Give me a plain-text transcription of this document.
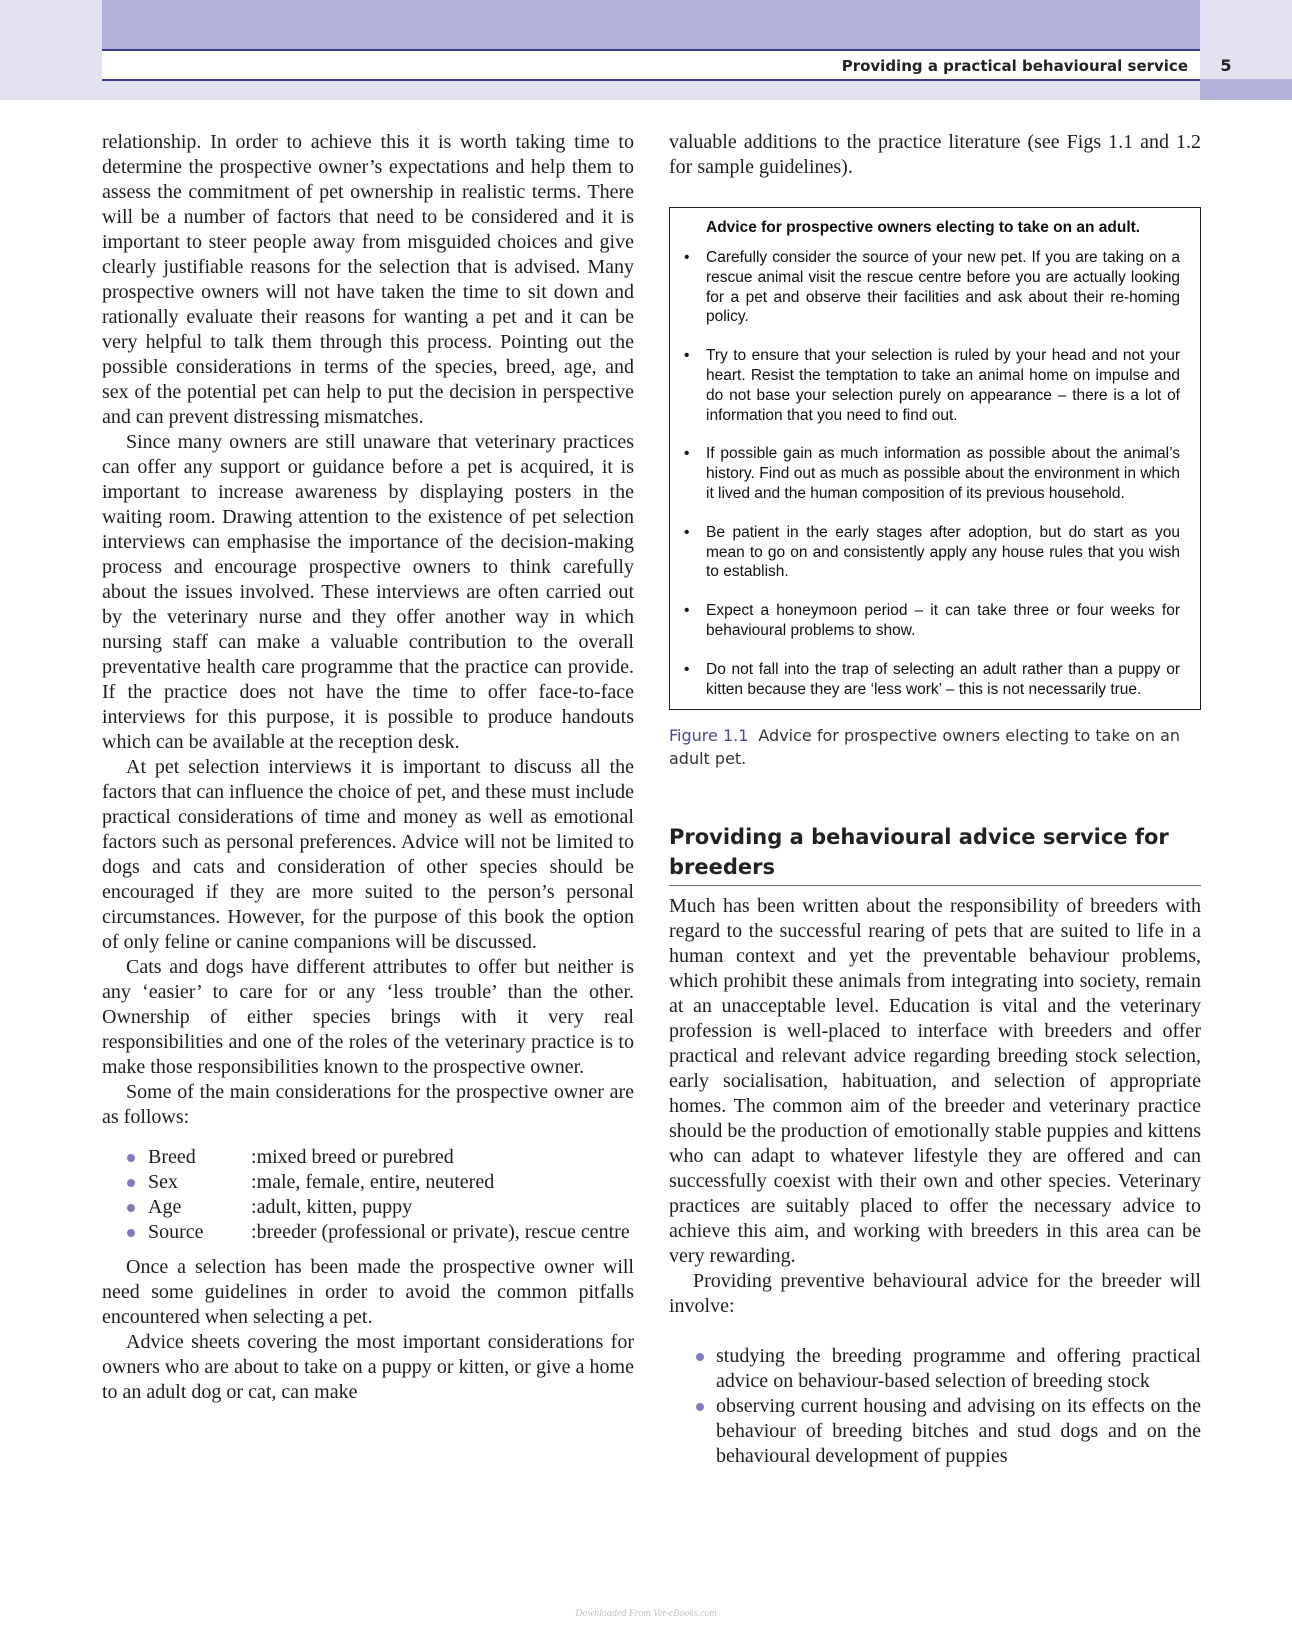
Providing a practical behavioural service	5

relationship. In order to achieve this it is worth taking time to determine the prospective owner’s expectations and help them to assess the commitment of pet ownership in realistic terms. There will be a number of factors that need to be considered and it is important to steer people away from misguided choices and give clearly justifiable reasons for the selection that is advised. Many prospective owners will not have taken the time to sit down and rationally evaluate their reasons for wanting a pet and it can be very helpful to talk them through this process. Pointing out the possible considerations in terms of the species, breed, age, and sex of the potential pet can help to put the decision in perspective and can prevent distressing mismatches.

Since many owners are still unaware that veterinary practices can offer any support or guidance before a pet is acquired, it is important to increase awareness by displaying posters in the waiting room. Drawing attention to the existence of pet selection interviews can emphasise the importance of the decision-making process and encourage prospective owners to think carefully about the issues involved. These interviews are often carried out by the veterinary nurse and they offer another way in which nursing staff can make a valuable contribution to the overall preventative health care programme that the practice can provide. If the practice does not have the time to offer face-to-face interviews for this purpose, it is possible to produce handouts which can be available at the reception desk.

At pet selection interviews it is important to discuss all the factors that can influence the choice of pet, and these must include practical considerations of time and money as well as emotional factors such as personal preferences. Advice will not be limited to dogs and cats and consideration of other species should be encouraged if they are more suited to the person’s personal circumstances. However, for the purpose of this book the option of only feline or canine companions will be discussed.

Cats and dogs have different attributes to offer but neither is any ‘easier’ to care for or any ‘less trouble’ than the other. Ownership of either species brings with it very real responsibilities and one of the roles of the veterinary practice is to make those responsibilities known to the prospective owner.

Some of the main considerations for the prospective owner are as follows:

Breed	:mixed breed or purebred
Sex	:male, female, entire, neutered
Age	:adult, kitten, puppy
Source :breeder (professional or private), rescue centre

Once a selection has been made the prospective owner will need some guidelines in order to avoid the common pitfalls encountered when selecting a pet.

Advice sheets covering the most important considerations for owners who are about to take on a puppy or kitten, or give a home to an adult dog or cat, can make

valuable additions to the practice literature (see Figs 1.1 and 1.2 for sample guidelines).

Advice for prospective owners electing to take on an adult.

• Carefully consider the source of your new pet. If you are taking on a rescue animal visit the rescue centre before you are actually looking for a pet and observe their facilities and ask about their re-homing policy.
• Try to ensure that your selection is ruled by your head and not your heart. Resist the temptation to take an animal home on impulse and do not base your selection purely on appearance – there is a lot of information that you need to find out.
• If possible gain as much information as possible about the animal’s history. Find out as much as possible about the environment in which it lived and the human composition of its previous household.
• Be patient in the early stages after adoption, but do start as you mean to go on and consistently apply any house rules that you wish to establish.
• Expect a honeymoon period – it can take three or four weeks for behavioural problems to show.
• Do not fall into the trap of selecting an adult rather than a puppy or kitten because they are ‘less work’ – this is not necessarily true.

Figure 1.1 Advice for prospective owners electing to take on an adult pet.

Providing a behavioural advice service for breeders

Much has been written about the responsibility of breeders with regard to the successful rearing of pets that are suited to life in a human context and yet the preventable behaviour problems, which prohibit these animals from integrating into society, remain at an unacceptable level. Education is vital and the veterinary profession is well-placed to interface with breeders and offer practical and relevant advice regarding breeding stock selection, early socialisation, habituation, and selection of appropriate homes. The common aim of the breeder and veterinary practice should be the production of emotionally stable puppies and kittens who can adapt to whatever lifestyle they are offered and can successfully coexist with their own and other species. Veterinary practices are suitably placed to offer the necessary advice to achieve this aim, and working with breeders in this area can be very rewarding.

Providing preventive behavioural advice for the breeder will involve:

studying the breeding programme and offering practical advice on behaviour-based selection of breeding stock
observing current housing and advising on its effects on the behaviour of breeding bitches and stud dogs and on the behavioural development of puppies
Downloaded From Vet-eBooks.com
